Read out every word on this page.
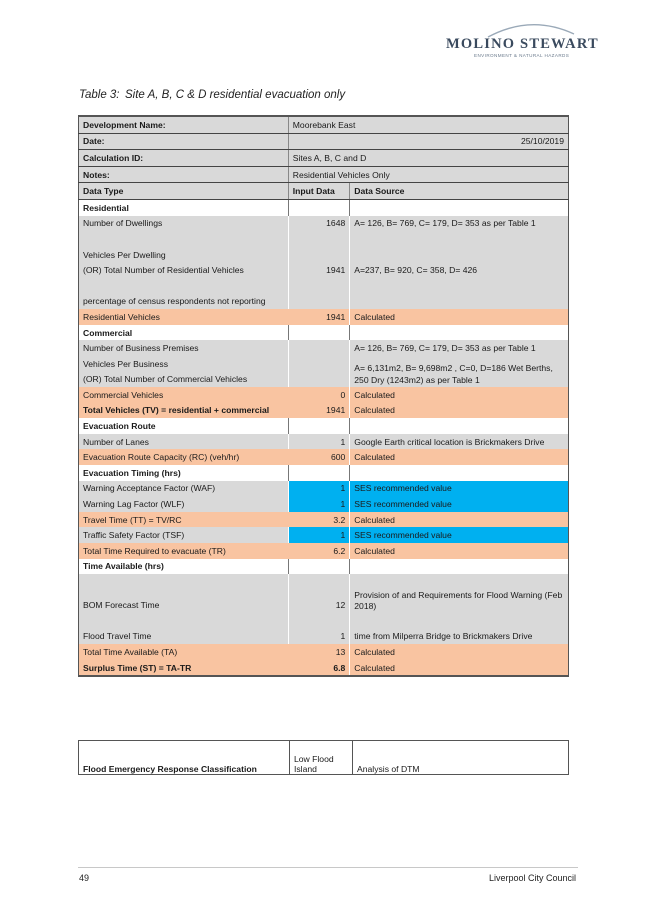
MOLINO STEWART
ENVIRONMENT & NATURAL HAZARDS
Table 3: Site A, B, C & D residential evacuation only
Development Name:	Moorebank East	
Date:	25/10/2019	
Calculation ID:	Sites A, B, C and D	
Notes:	Residential Vehicles Only	
Data Type	Input Data	Data Source
Residential		
Number of Dwellings	1648	A= 126, B= 769, C= 179, D= 353 as per Table 1

Vehicles Per Dwelling		
(OR) Total Number of Residential Vehicles	1941	A=237, B= 920, C= 358, D= 426

percentage of census respondents not reporting		
Residential Vehicles	1941	Calculated
Commercial		
Number of Business Premises		A= 126, B= 769, C= 179, D= 353 as per Table 1
Vehicles Per Business		A= 6,131m2, B= 9,698m2 , C=0, D=186 Wet Berths, 250 Dry (1243m2) as per Table 1
(OR) Total Number of Commercial Vehicles		
Commercial Vehicles	0	Calculated
Total Vehicles (TV) = residential + commercial	1941	Calculated
Evacuation Route		
Number of Lanes	1	Google Earth critical location is Brickmakers Drive
Evacuation Route Capacity (RC) (veh/hr)	600	Calculated
Evacuation Timing (hrs)		
Warning Acceptance Factor (WAF)	1	SES recommended value
Warning Lag Factor (WLF)	1	SES recommended value
Travel Time (TT) = TV/RC	3.2	Calculated
Traffic Safety Factor (TSF)	1	SES recommended value
Total Time Required to evacuate (TR)	6.2	Calculated
Time Available (hrs)		

BOM Forecast Time	12	Provision of and Requirements for Flood Warning (Feb 2018)

Flood Travel Time	1	time from Milperra Bridge to Brickmakers Drive
Total Time Available (TA)	13	Calculated
Surplus Time (ST) = TA-TR	6.8	Calculated
Flood Emergency Response Classification	Low Flood Island	Analysis of DTM
49	Liverpool City Council
